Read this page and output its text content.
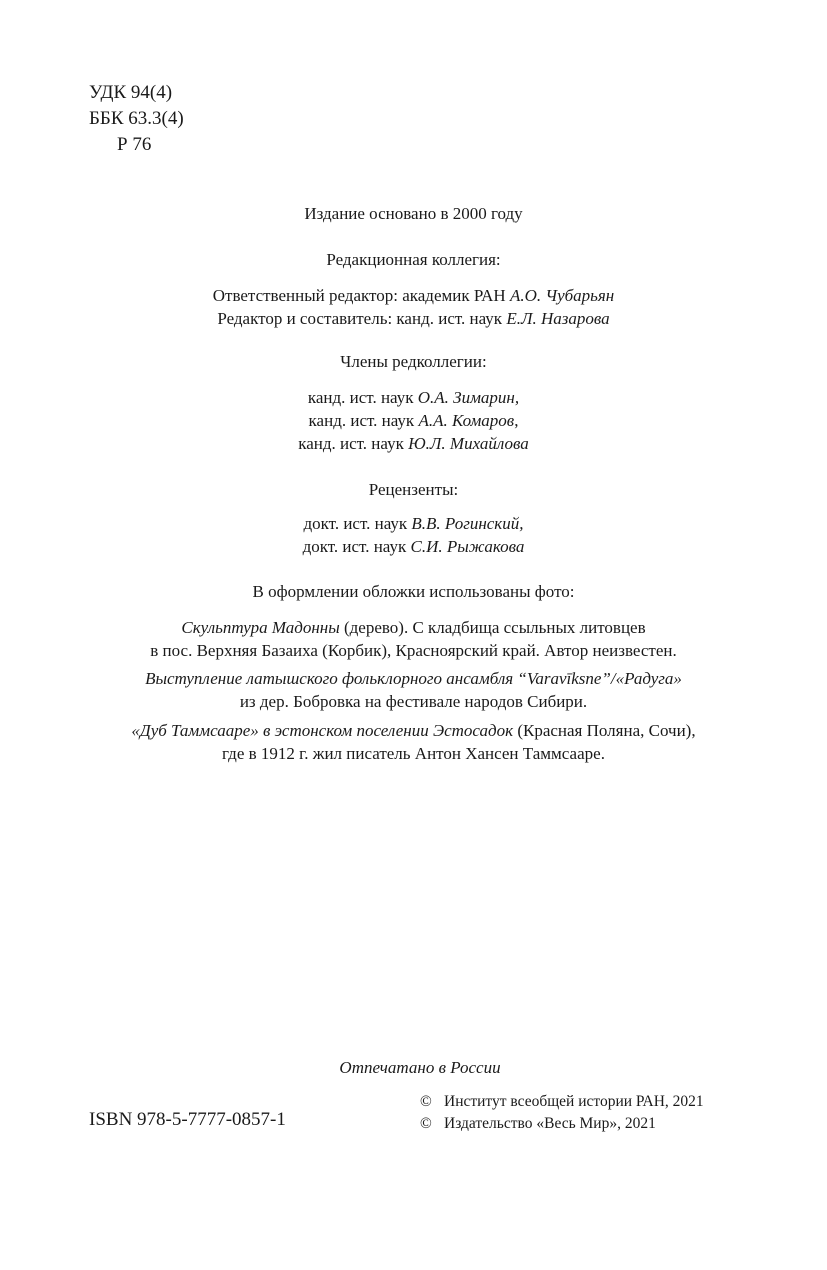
УДК 94(4)
ББК 63.3(4)
Р 76

Издание основано в 2000 году

Редакционная коллегия:

Ответственный редактор: академик РАН А.О. Чубарьян

Редактор и составитель: канд. ист. наук Е.Л. Назарова

Члены редколлегии:

канд. ист. наук О.А. Зимарин,

канд. ист. наук А.А. Комаров,

канд. ист. наук Ю.Л. Михайлова

Рецензенты:

докт. ист. наук В.В. Рогинский,

докт. ист. наук С.И. Рыжакова

В оформлении обложки использованы фото:

Скульптура Мадонны (дерево). С кладбища ссыльных литовцев

в пос. Верхняя Базаиха (Корбик), Красноярский край. Автор неизвестен.

Выступление латышского фольклорного ансамбля “Varavīksne”/«Радуга»

из дер. Бобровка на фестивале народов Сибири.

«Дуб Таммсааре» в эстонском поселении Эстосадок (Красная Поляна, Сочи),

где в 1912 г. жил писатель Антон Хансен Таммсааре.

Отпечатано в России
ISBN 978-5-7777-0857-1
© Институт всеобщей истории РАН, 2021
© Издательство «Весь Мир», 2021
